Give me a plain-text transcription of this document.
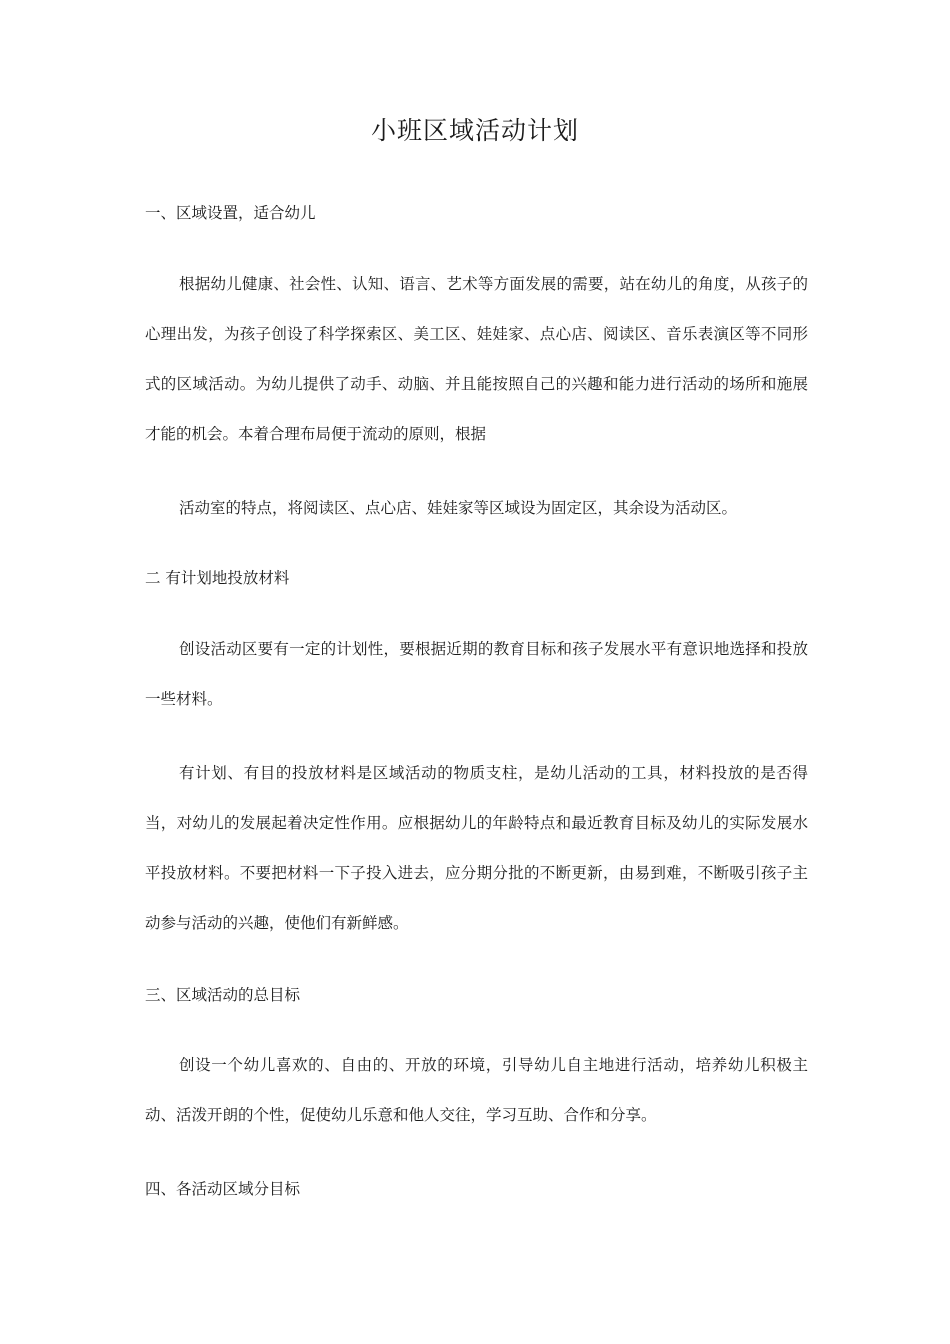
小班区域活动计划
一、区域设置，适合幼儿

根据幼儿健康、社会性、认知、语言、艺术等方面发展的需要，站在幼儿的角度，从孩子的心理出发，为孩子创设了科学探索区、美工区、娃娃家、点心店、阅读区、音乐表演区等不同形式的区域活动。为幼儿提供了动手、动脑、并且能按照自己的兴趣和能力进行活动的场所和施展才能的机会。本着合理布局便于流动的原则，根据

活动室的特点，将阅读区、点心店、娃娃家等区域设为固定区，其余设为活动区。

二 有计划地投放材料

创设活动区要有一定的计划性，要根据近期的教育目标和孩子发展水平有意识地选择和投放一些材料。

有计划、有目的投放材料是区域活动的物质支柱，是幼儿活动的工具，材料投放的是否得当，对幼儿的发展起着决定性作用。应根据幼儿的年龄特点和最近教育目标及幼儿的实际发展水平投放材料。不要把材料一下子投入进去，应分期分批的不断更新，由易到难，不断吸引孩子主动参与活动的兴趣，使他们有新鲜感。

三、区域活动的总目标

创设一个幼儿喜欢的、自由的、开放的环境，引导幼儿自主地进行活动，培养幼儿积极主动、活泼开朗的个性，促使幼儿乐意和他人交往，学习互助、合作和分享。

四、各活动区域分目标
